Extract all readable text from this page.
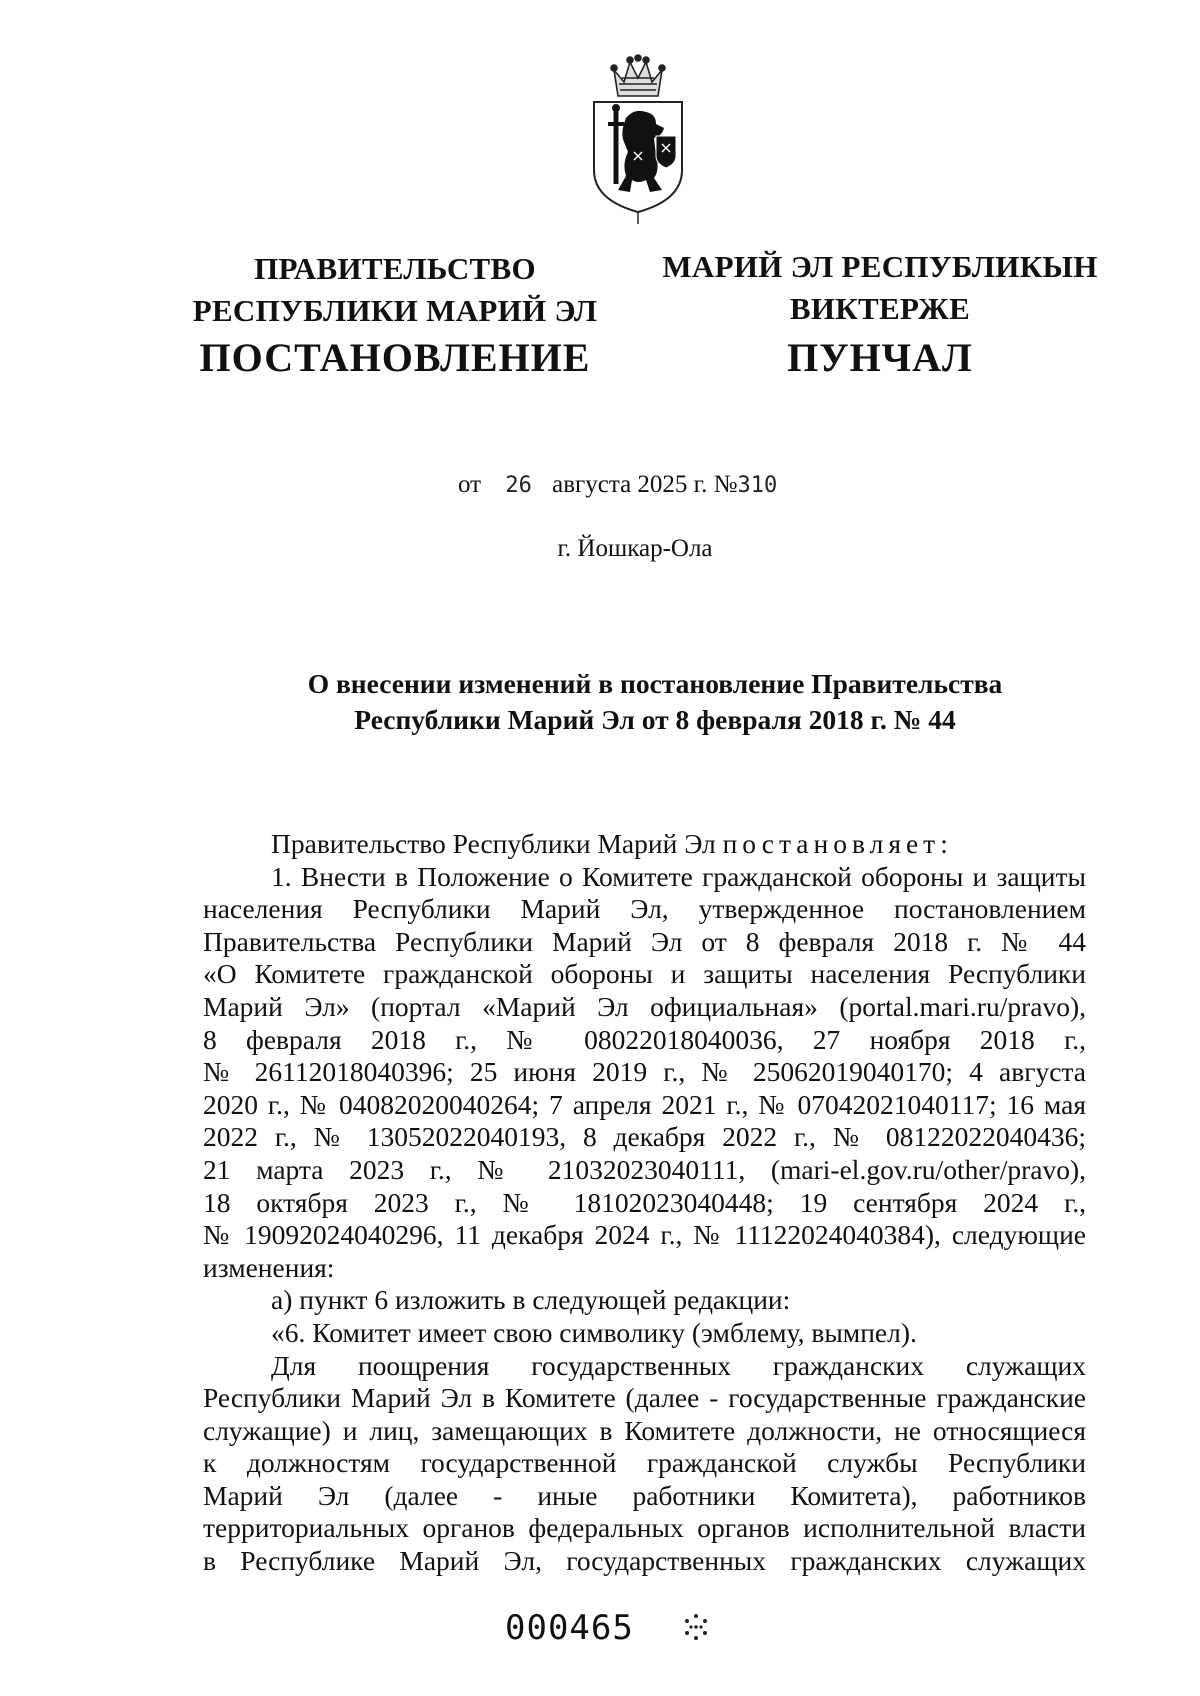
ПРАВИТЕЛЬСТВО
РЕСПУБЛИКИ МАРИЙ ЭЛ
МАРИЙ ЭЛ РЕСПУБЛИКЫН
ВИКТЕРЖЕ
ПОСТАНОВЛЕНИЕ	ПУНЧАЛ
от 26 августа 2025 г. №310
г. Йошкар-Ола
О внесении изменений в постановление Правительства
Республики Марий Эл от 8 февраля 2018 г. № 44

Правительство Республики Марий Эл постановляет:

1. Внести в Положение о Комитете гражданской обороны и защиты

населения Республики Марий Эл, утвержденное постановлением

Правительства Республики Марий Эл от 8 февраля 2018 г. № 44

«О Комитете гражданской обороны и защиты населения Республики

Марий Эл» (портал «Марий Эл официальная» (portal.mari.ru/pravo),

8 февраля 2018 г., № 08022018040036, 27 ноября 2018 г.,

№ 26112018040396; 25 июня 2019 г., № 25062019040170; 4 августа

2020 г., № 04082020040264; 7 апреля 2021 г., № 07042021040117; 16 мая

2022 г., № 13052022040193, 8 декабря 2022 г., № 08122022040436;

21 марта 2023 г., № 21032023040111, (mari-el.gov.ru/other/pravo),

18 октября 2023 г., № 18102023040448; 19 сентября 2024 г.,

№ 19092024040296, 11 декабря 2024 г., № 11122024040384), следующие

изменения:

а) пункт 6 изложить в следующей редакции:

«6. Комитет имеет свою символику (эмблему, вымпел).

Для поощрения государственных гражданских служащих

Республики Марий Эл в Комитете (далее - государственные гражданские

служащие) и лиц, замещающих в Комитете должности, не относящиеся

к должностям государственной гражданской службы Республики

Марий Эл (далее - иные работники Комитета), работников

территориальных органов федеральных органов исполнительной власти

в Республике Марий Эл, государственных гражданских служащих

000465
